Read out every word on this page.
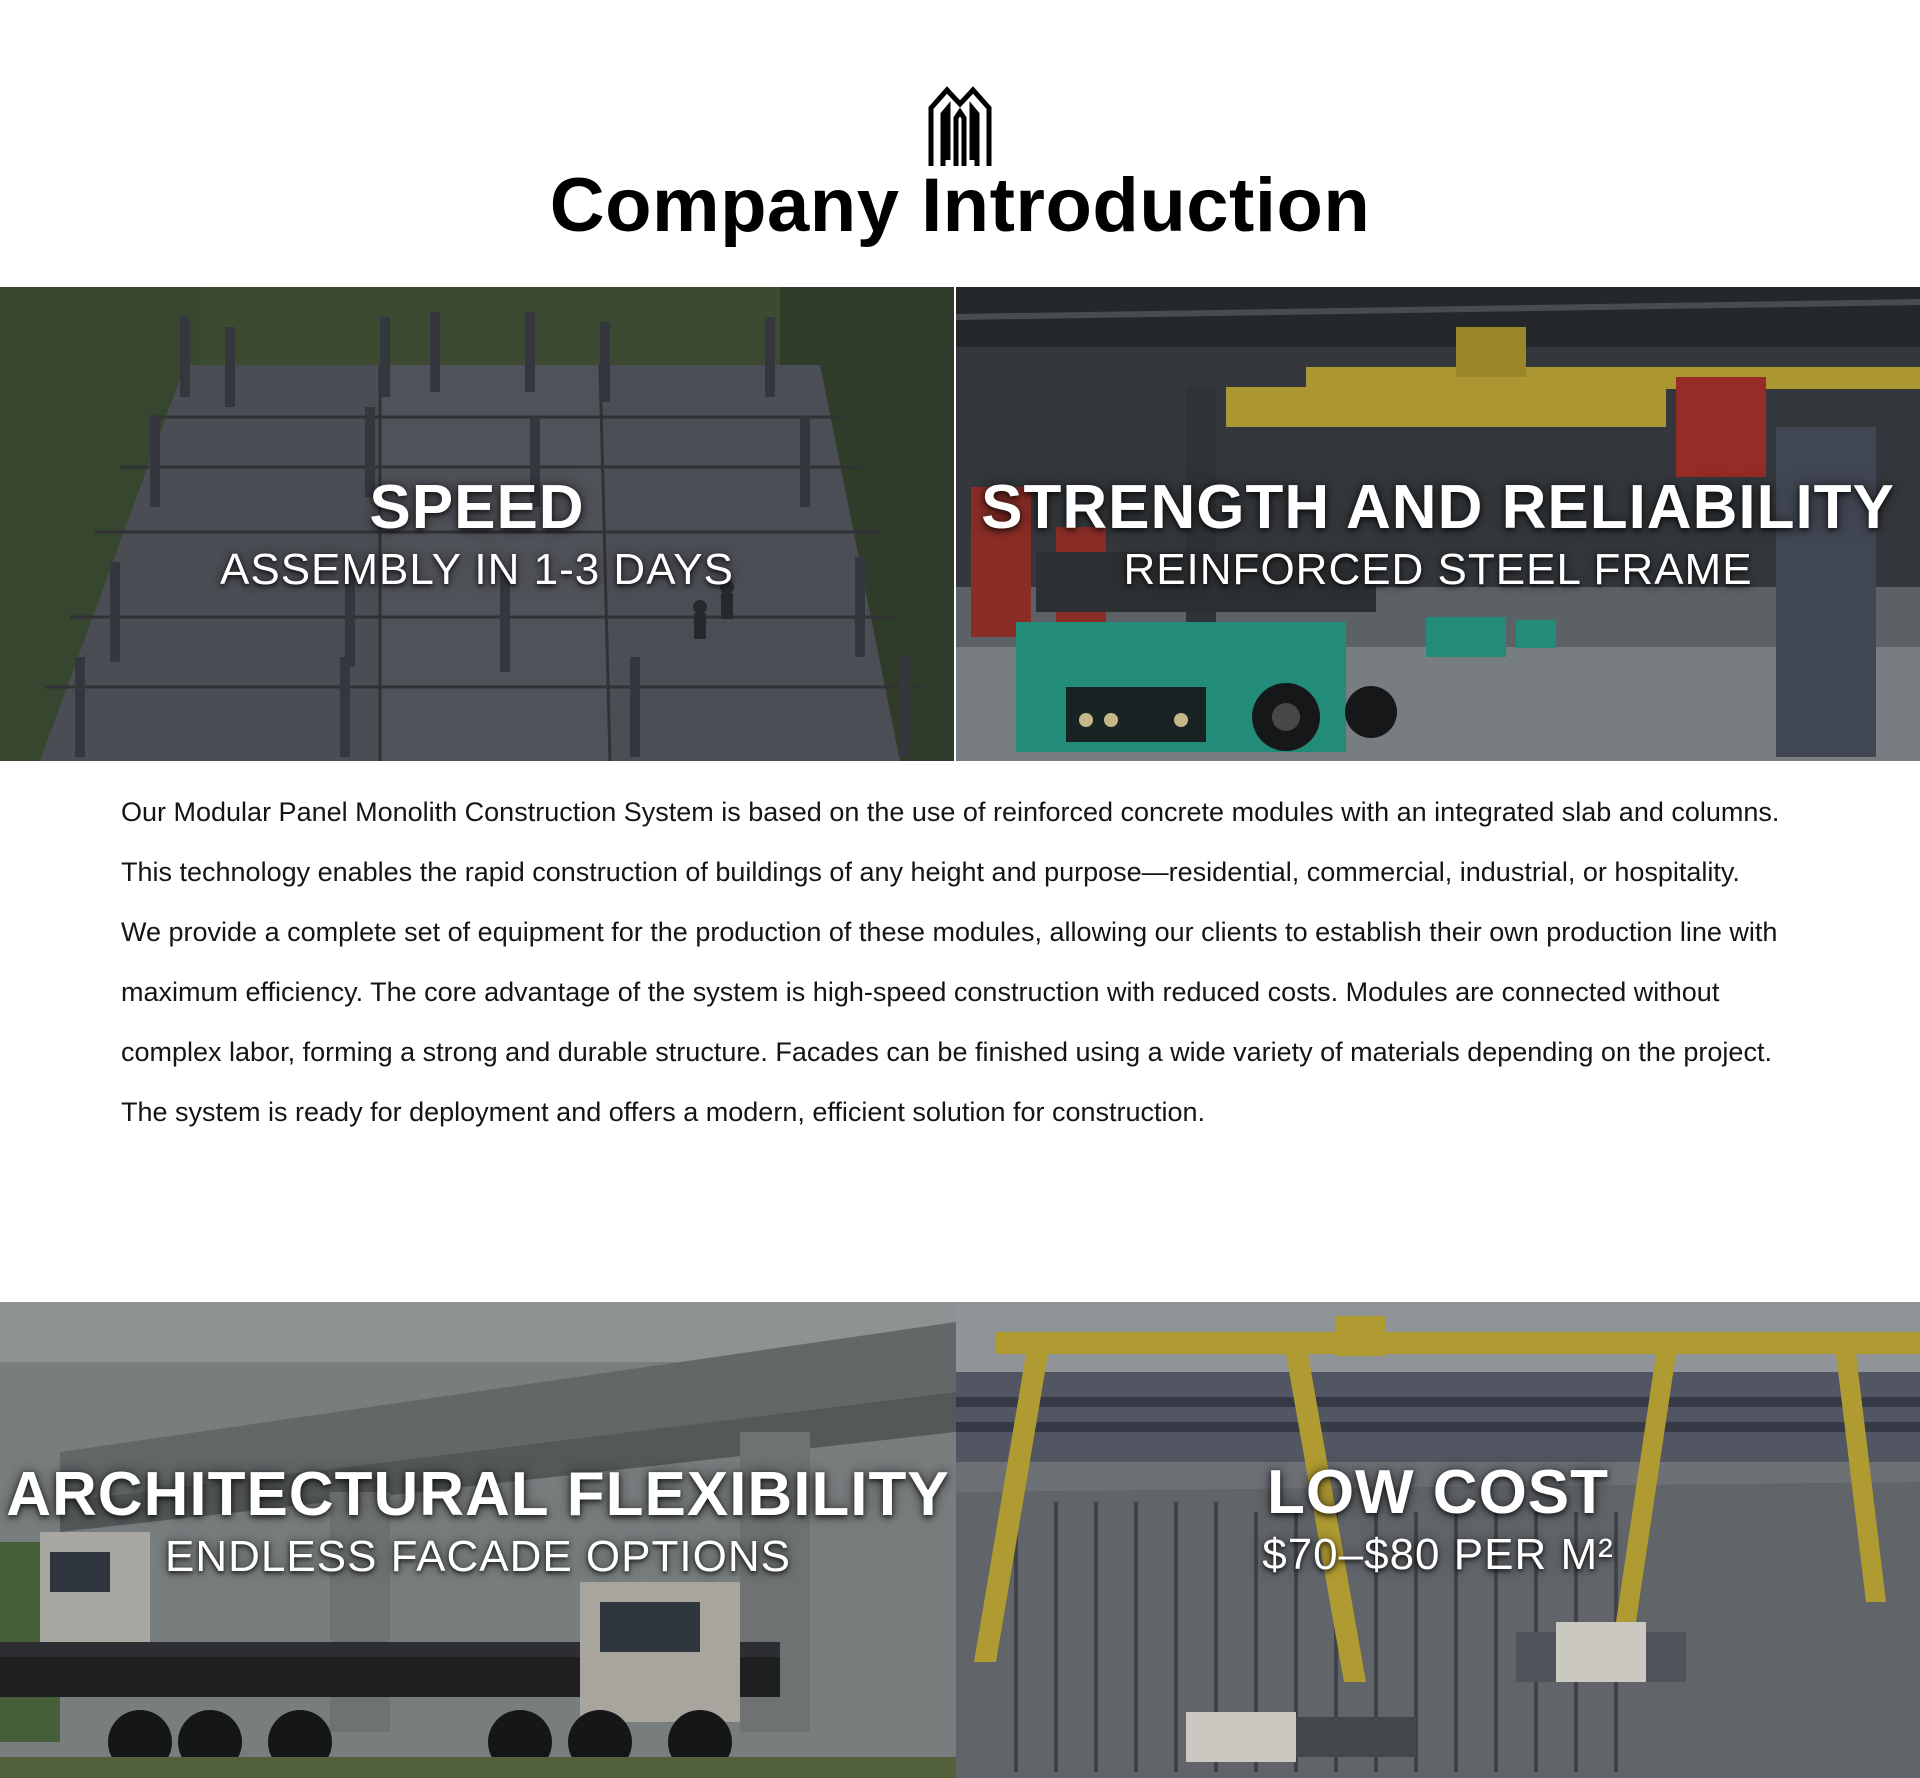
Company Introduction
SPEED
ASSEMBLY IN 1-3 DAYS
STRENGTH AND RELIABILITY
REINFORCED STEEL FRAME

Our Modular Panel Monolith Construction System is based on the use of reinforced concrete modules with an integrated slab and columns. This technology enables the rapid construction of buildings of any height and purpose—residential, commercial, industrial, or hospitality.

We provide a complete set of equipment for the production of these modules, allowing our clients to establish their own production line with maximum efficiency. The core advantage of the system is high-speed construction with reduced costs. Modules are connected without complex labor, forming a strong and durable structure. Facades can be finished using a wide variety of materials depending on the project.

The system is ready for deployment and offers a modern, efficient solution for construction.

ARCHITECTURAL FLEXIBILITY
ENDLESS FACADE OPTIONS
LOW COST
$70–$80 PER M²
